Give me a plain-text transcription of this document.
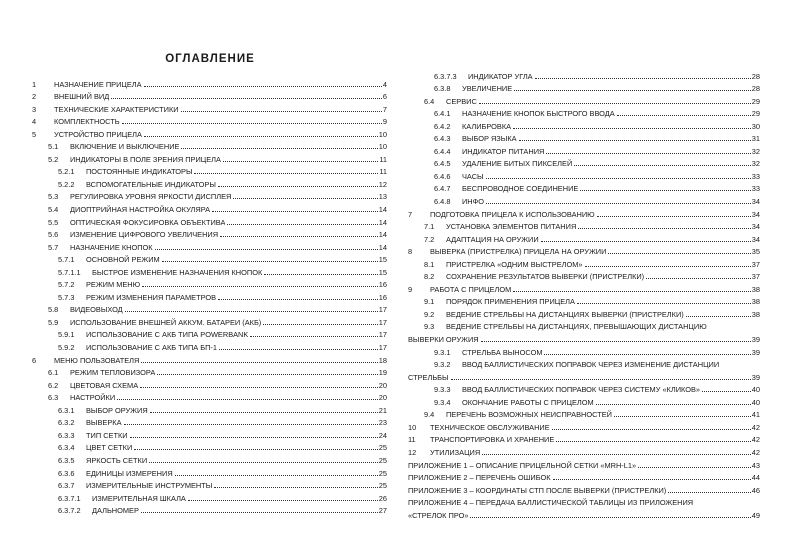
ОГЛАВЛЕНИЕ
1	НАЗНАЧЕНИЕ ПРИЦЕЛА	4
2	ВНЕШНИЙ ВИД	6
3	ТЕХНИЧЕСКИЕ ХАРАКТЕРИСТИКИ	7
4	КОМПЛЕКТНОСТЬ	9
5	УСТРОЙСТВО ПРИЦЕЛА	10
5.1	ВКЛЮЧЕНИЕ И ВЫКЛЮЧЕНИЕ	10
5.2	ИНДИКАТОРЫ В ПОЛЕ ЗРЕНИЯ ПРИЦЕЛА	11
5.2.1	ПОСТОЯННЫЕ ИНДИКАТОРЫ	11
5.2.2	ВСПОМОГАТЕЛЬНЫЕ ИНДИКАТОРЫ	12
5.3	РЕГУЛИРОВКА УРОВНЯ ЯРКОСТИ ДИСПЛЕЯ	13
5.4	ДИОПТРИЙНАЯ НАСТРОЙКА ОКУЛЯРА	14
5.5	ОПТИЧЕСКАЯ ФОКУСИРОВКА ОБЪЕКТИВА	14
5.6	ИЗМЕНЕНИЕ ЦИФРОВОГО УВЕЛИЧЕНИЯ	14
5.7	НАЗНАЧЕНИЕ КНОПОК	14
5.7.1	ОСНОВНОЙ РЕЖИМ	15
5.7.1.1	БЫСТРОЕ ИЗМЕНЕНИЕ НАЗНАЧЕНИЯ КНОПОК	15
5.7.2	РЕЖИМ МЕНЮ	16
5.7.3	РЕЖИМ ИЗМЕНЕНИЯ ПАРАМЕТРОВ	16
5.8	ВИДЕОВЫХОД	17
5.9	ИСПОЛЬЗОВАНИЕ ВНЕШНЕЙ АККУМ. БАТАРЕИ (АКБ)	17
5.9.1	ИСПОЛЬЗОВАНИЕ С АКБ ТИПА POWERBANK	17
5.9.2	ИСПОЛЬЗОВАНИЕ С АКБ ТИПА БП-1	17
6	МЕНЮ ПОЛЬЗОВАТЕЛЯ	18
6.1	РЕЖИМ ТЕПЛОВИЗОРА	19
6.2	ЦВЕТОВАЯ СХЕМА	20
6.3	НАСТРОЙКИ	20
6.3.1	ВЫБОР ОРУЖИЯ	21
6.3.2	ВЫВЕРКА	23
6.3.3	ТИП СЕТКИ	24
6.3.4	ЦВЕТ СЕТКИ	25
6.3.5	ЯРКОСТЬ СЕТКИ	25
6.3.6	ЕДИНИЦЫ ИЗМЕРЕНИЯ	25
6.3.7	ИЗМЕРИТЕЛЬНЫЕ ИНСТРУМЕНТЫ	25
6.3.7.1	ИЗМЕРИТЕЛЬНАЯ ШКАЛА	26
6.3.7.2	ДАЛЬНОМЕР	27
6.3.7.3	ИНДИКАТОР УГЛА	28
6.3.8	УВЕЛИЧЕНИЕ	28
6.4	СЕРВИС	29
6.4.1	НАЗНАЧЕНИЕ КНОПОК БЫСТРОГО ВВОДА	29
6.4.2	КАЛИБРОВКА	30
6.4.3	ВЫБОР ЯЗЫКА	31
6.4.4	ИНДИКАТОР ПИТАНИЯ	32
6.4.5	УДАЛЕНИЕ БИТЫХ ПИКСЕЛЕЙ	32
6.4.6	ЧАСЫ	33
6.4.7	БЕСПРОВОДНОЕ СОЕДИНЕНИЕ	33
6.4.8	ИНФО	34
7	ПОДГОТОВКА ПРИЦЕЛА К ИСПОЛЬЗОВАНИЮ	34
7.1	УСТАНОВКА ЭЛЕМЕНТОВ ПИТАНИЯ	34
7.2	АДАПТАЦИЯ НА ОРУЖИИ	34
8	ВЫВЕРКА (ПРИСТРЕЛКА) ПРИЦЕЛА НА ОРУЖИИ	35
8.1	ПРИСТРЕЛКА «ОДНИМ ВЫСТРЕЛОМ»	37
8.2	СОХРАНЕНИЕ РЕЗУЛЬТАТОВ ВЫВЕРКИ (ПРИСТРЕЛКИ)	37
9	РАБОТА С ПРИЦЕЛОМ	38
9.1	ПОРЯДОК ПРИМЕНЕНИЯ ПРИЦЕЛА	38
9.2	ВЕДЕНИЕ СТРЕЛЬБЫ НА ДИСТАНЦИЯХ ВЫВЕРКИ (ПРИСТРЕЛКИ)	38
9.3	ВЕДЕНИЕ СТРЕЛЬБЫ НА ДИСТАНЦИЯХ, ПРЕВЫШАЮЩИХ ДИСТАНЦИЮ
ВЫВЕРКИ ОРУЖИЯ	39
9.3.1	СТРЕЛЬБА ВЫНОСОМ	39
9.3.2	ВВОД БАЛЛИСТИЧЕСКИХ ПОПРАВОК ЧЕРЕЗ ИЗМЕНЕНИЕ ДИСТАНЦИИ
СТРЕЛЬБЫ	39
9.3.3	ВВОД БАЛЛИСТИЧЕСКИХ ПОПРАВОК ЧЕРЕЗ СИСТЕМУ «КЛИКОВ»	40
9.3.4	ОКОНЧАНИЕ РАБОТЫ С ПРИЦЕЛОМ	40
9.4	ПЕРЕЧЕНЬ ВОЗМОЖНЫХ НЕИСПРАВНОСТЕЙ	41
10	ТЕХНИЧЕСКОЕ ОБСЛУЖИВАНИЕ	42
11	ТРАНСПОРТИРОВКА И ХРАНЕНИЕ	42
12	УТИЛИЗАЦИЯ	42
ПРИЛОЖЕНИЕ 1 – ОПИСАНИЕ ПРИЦЕЛЬНОЙ СЕТКИ «MRH-L1»	43
ПРИЛОЖЕНИЕ 2 – ПЕРЕЧЕНЬ ОШИБОК	44
ПРИЛОЖЕНИЕ 3 – КООРДИНАТЫ СТП ПОСЛЕ ВЫВЕРКИ (ПРИСТРЕЛКИ)	46
ПРИЛОЖЕНИЕ 4 – ПЕРЕДАЧА БАЛЛИСТИЧЕСКОЙ ТАБЛИЦЫ ИЗ ПРИЛОЖЕНИЯ
«СТРЕЛОК ПРО»	49
